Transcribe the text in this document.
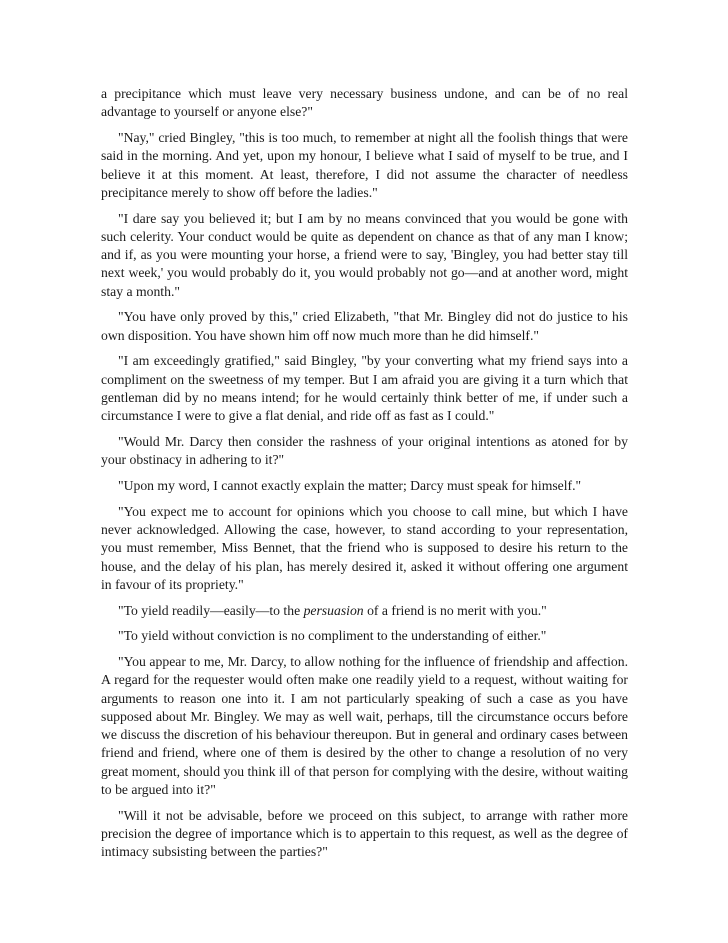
a precipitance which must leave very necessary business undone, and can be of no real advantage to yourself or anyone else?"

"Nay," cried Bingley, "this is too much, to remember at night all the foolish things that were said in the morning. And yet, upon my honour, I believe what I said of myself to be true, and I believe it at this moment. At least, therefore, I did not assume the character of needless precipitance merely to show off before the ladies."

"I dare say you believed it; but I am by no means convinced that you would be gone with such celerity. Your conduct would be quite as dependent on chance as that of any man I know; and if, as you were mounting your horse, a friend were to say, 'Bingley, you had better stay till next week,' you would probably do it, you would probably not go—and at another word, might stay a month."

"You have only proved by this," cried Elizabeth, "that Mr. Bingley did not do justice to his own disposition. You have shown him off now much more than he did himself."

"I am exceedingly gratified," said Bingley, "by your converting what my friend says into a compliment on the sweetness of my temper. But I am afraid you are giving it a turn which that gentleman did by no means intend; for he would certainly think better of me, if under such a circumstance I were to give a flat denial, and ride off as fast as I could."

"Would Mr. Darcy then consider the rashness of your original intentions as atoned for by your obstinacy in adhering to it?"

"Upon my word, I cannot exactly explain the matter; Darcy must speak for himself."

"You expect me to account for opinions which you choose to call mine, but which I have never acknowledged. Allowing the case, however, to stand according to your representation, you must remember, Miss Bennet, that the friend who is supposed to desire his return to the house, and the delay of his plan, has merely desired it, asked it without offering one argument in favour of its propriety."

"To yield readily—easily—to the persuasion of a friend is no merit with you."

"To yield without conviction is no compliment to the understanding of either."

"You appear to me, Mr. Darcy, to allow nothing for the influence of friendship and affection. A regard for the requester would often make one readily yield to a request, without waiting for arguments to reason one into it. I am not particularly speaking of such a case as you have supposed about Mr. Bingley. We may as well wait, perhaps, till the circumstance occurs before we discuss the discretion of his behaviour thereupon. But in general and ordinary cases between friend and friend, where one of them is desired by the other to change a resolution of no very great moment, should you think ill of that person for complying with the desire, without waiting to be argued into it?"

"Will it not be advisable, before we proceed on this subject, to arrange with rather more precision the degree of importance which is to appertain to this request, as well as the degree of intimacy subsisting between the parties?"
